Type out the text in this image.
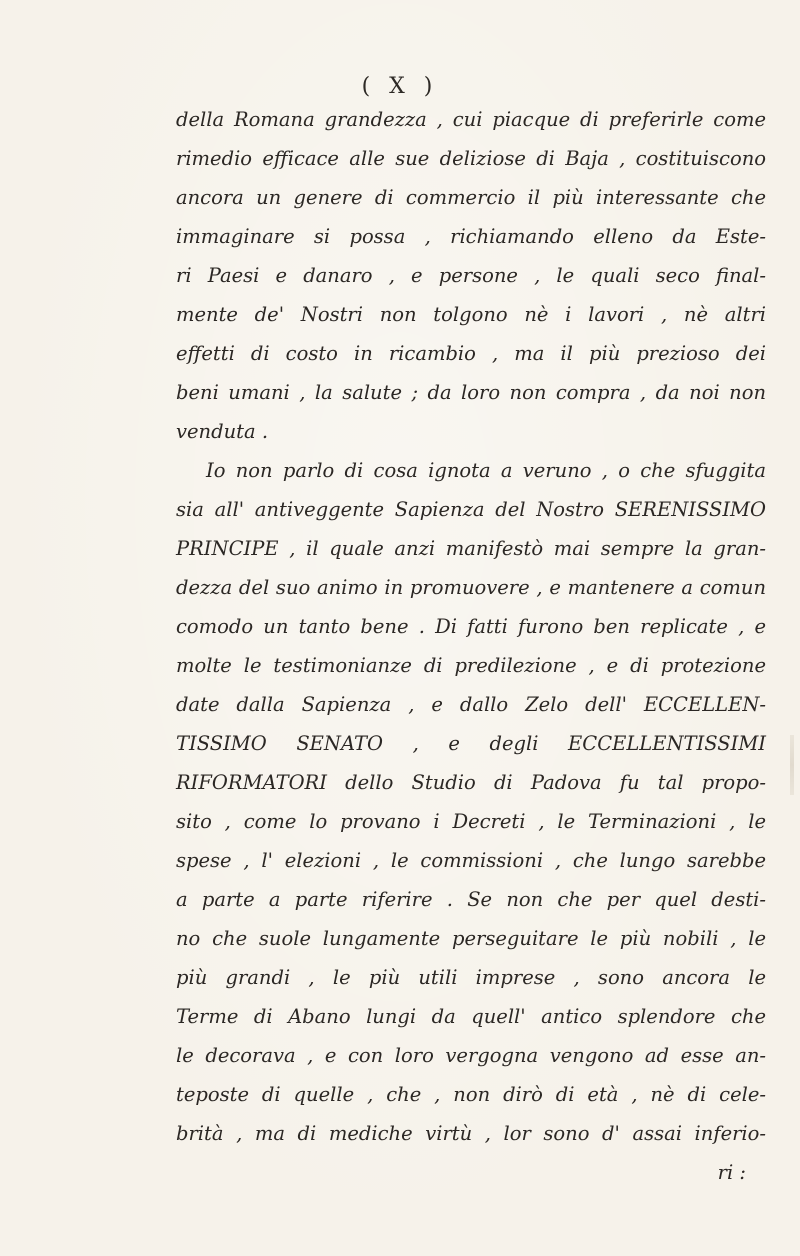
( X )
della Romana grandezza , cui piacque di preferirle come
rimedio efficace alle sue deliziose di Baja , costituiscono
ancora un genere di commercio il più interessante che
immaginare si possa , richiamando elleno da Este-
ri Paesi e danaro , e persone , le quali seco final-
mente de' Nostri non tolgono nè i lavori , nè altri
effetti di costo in ricambio , ma il più prezioso dei
beni umani , la salute ; da loro non compra , da noi non
venduta .
Io non parlo di cosa ignota a veruno , o che sfuggita
sia all' antiveggente Sapienza del Nostro SERENISSIMO
PRINCIPE , il quale anzi manifestò mai sempre la gran-
dezza del suo animo in promuovere , e mantenere a comun
comodo un tanto bene . Di fatti furono ben replicate , e
molte le testimonianze di predilezione , e di protezione
date dalla Sapienza , e dallo Zelo dell' ECCELLEN-
TISSIMO SENATO , e degli ECCELLENTISSIMI
RIFORMATORI dello Studio di Padova fu tal propo-
sito , come lo provano i Decreti , le Terminazioni , le
spese , l' elezioni , le commissioni , che lungo sarebbe
a parte a parte riferire . Se non che per quel desti-
no che suole lungamente perseguitare le più nobili , le
più grandi , le più utili imprese , sono ancora le
Terme di Abano lungi da quell' antico splendore che
le decorava , e con loro vergogna vengono ad esse an-
teposte di quelle , che , non dirò di età , nè di cele-
brità , ma di mediche virtù , lor sono d' assai inferio-
ri :
